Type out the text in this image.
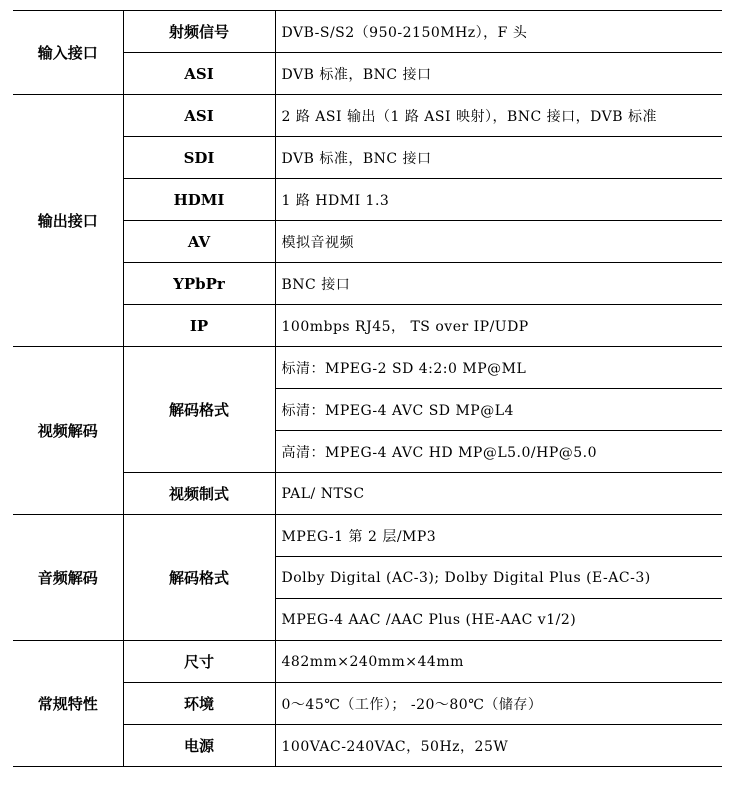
输入接口	射频信号	DVB-S/S2（950-2150MHz），F 头
	ASI	DVB 标准，BNC 接口
输出接口	ASI	2 路 ASI 输出（1 路 ASI 映射），BNC 接口，DVB 标准
	SDI	DVB 标准，BNC 接口
	HDMI	1 路 HDMI 1.3
	AV	模拟音视频
	YPbPr	BNC 接口
	IP	100mbps RJ45， TS over IP/UDP
视频解码	解码格式	标清：MPEG-2 SD 4:2:0 MP@ML
		标清：MPEG-4 AVC SD MP@L4
		高清：MPEG-4 AVC HD MP@L5.0/HP@5.0
	视频制式	PAL/ NTSC
音频解码	解码格式	MPEG-1 第 2 层/MP3
		Dolby Digital (AC-3); Dolby Digital Plus (E-AC-3)
		MPEG-4 AAC /AAC Plus (HE-AAC v1/2)
常规特性	尺寸	482mm×240mm×44mm
	环境	0～45℃（工作）； -20～80℃（储存）
	电源	100VAC-240VAC，50Hz，25W
